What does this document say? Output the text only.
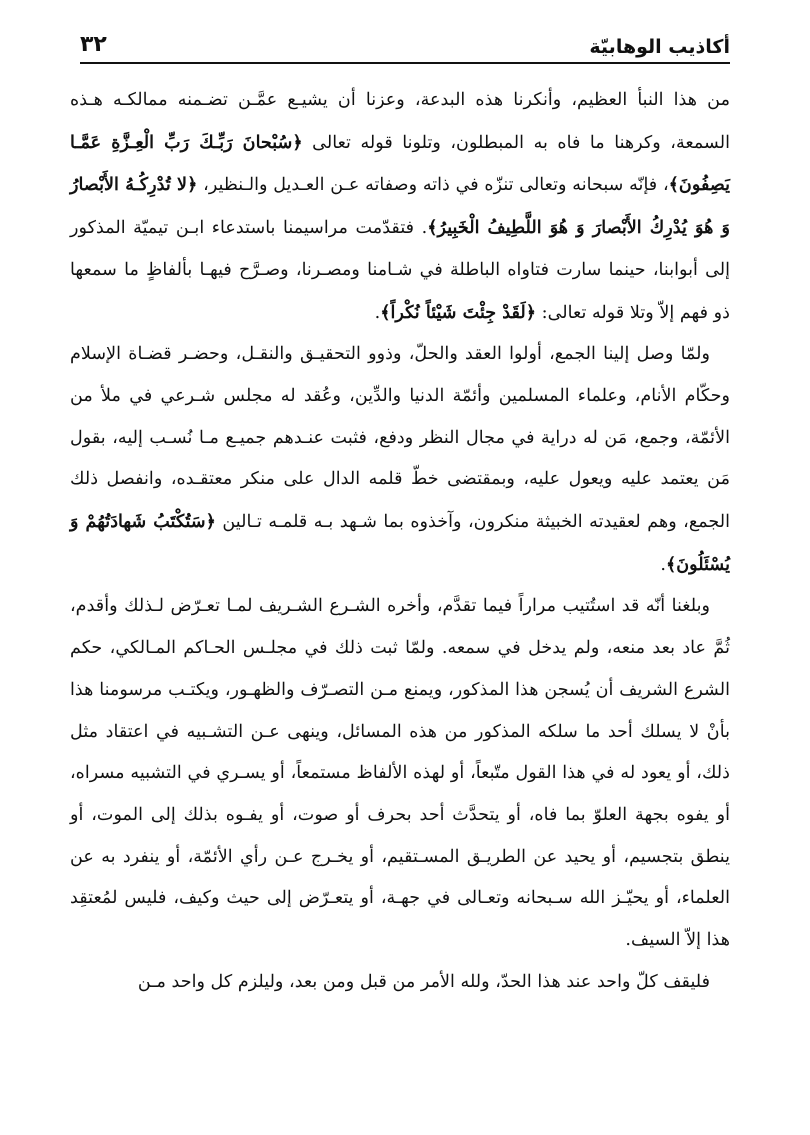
أكاذيب الوهابيّة
٣٢

من هذا النبأ العظيم، وأنكرنا هذه البدعة، وعزنا أن يشيـع عمَّـن تضـمنه ممالكـه هـذه السمعة، وكرهنا ما فاه به المبطلون، وتلونا قوله تعالى ﴿سُبْحانَ رَبِّـكَ رَبِّ الْعِـزَّةِ عَمَّـا يَصِفُونَ﴾، فإنّه سبحانه وتعالى تنزّه في ذاته وصفاته عـن العـديل والـنظير، ﴿لا تُدْرِكُـهُ الأَبْصارُ وَ هُوَ يُدْرِكُ الأَبْصارَ وَ هُوَ اللَّطِيفُ الْخَبِيرُ﴾. فتقدّمت مراسيمنا باستدعاء ابـن تيميّة المذكور إلى أبوابنا، حينما سارت فتاواه الباطلة في شـامنا ومصـرنا، وصـرَّح فيهـا بألفاظٍ ما سمعها ذو فهم إلاّ وتلا قوله تعالى: ﴿لَقَدْ جِئْتَ شَيْئاً نُكْراً﴾.

ولمّا وصل إلينا الجمع، أولوا العقد والحلّ، وذوو التحقيـق والنقـل، وحضـر قضـاة الإسلام وحكّام الأنام، وعلماء المسلمين وأئمّة الدنيا والدِّين، وعُقد له مجلس شـرعي في ملأ من الأئمّة، وجمع، مَن له دراية في مجال النظر ودفع، فثبت عنـدهم جميـع مـا نُسـب إليه، بقول مَن يعتمد عليه ويعول عليه، وبمقتضى خطّ قلمه الدال على منكر معتقـده، وانفصل ذلك الجمع، وهم لعقيدته الخبيثة منكرون، وآخذوه بما شـهد بـه قلمـه تـالين ﴿سَتُكْتَبُ شَهادَتُهُمْ وَ يُسْئَلُونَ﴾.

وبلغنا أنّه قد استُتيب مراراً فيما تقدَّم، وأخره الشـرع الشـريف لمـا تعـرّض لـذلك وأقدم، ثُمَّ عاد بعد منعه، ولم يدخل في سمعه. ولمّا ثبت ذلك في مجلـس الحـاكم المـالكي، حكم الشرع الشريف أن يُسجن هذا المذكور، ويمنع مـن التصـرّف والظهـور، ويكتـب مرسومنا هذا بأنْ لا يسلك أحد ما سلكه المذكور من هذه المسائل، وينهى عـن التشـبيه في اعتقاد مثل ذلك، أو يعود له في هذا القول متّبعاً، أو لهذه الألفاظ مستمعاً، أو يسـري في التشبيه مسراه، أو يفوه بجهة العلوّ بما فاه، أو يتحدَّث أحد بحرف أو صوت، أو يفـوه بذلك إلى الموت، أو ينطق بتجسيم، أو يحيد عن الطريـق المسـتقيم، أو يخـرج عـن رأي الأئمّة، أو ينفرد به عن العلماء، أو يحيّـز الله سـبحانه وتعـالى في جهـة، أو يتعـرّض إلى حيث وكيف، فليس لمُعتقِد هذا إلاّ السيف.

فليقف كلّ واحد عند هذا الحدّ، ولله الأمر من قبل ومن بعد، وليلزم كل واحد مـن
